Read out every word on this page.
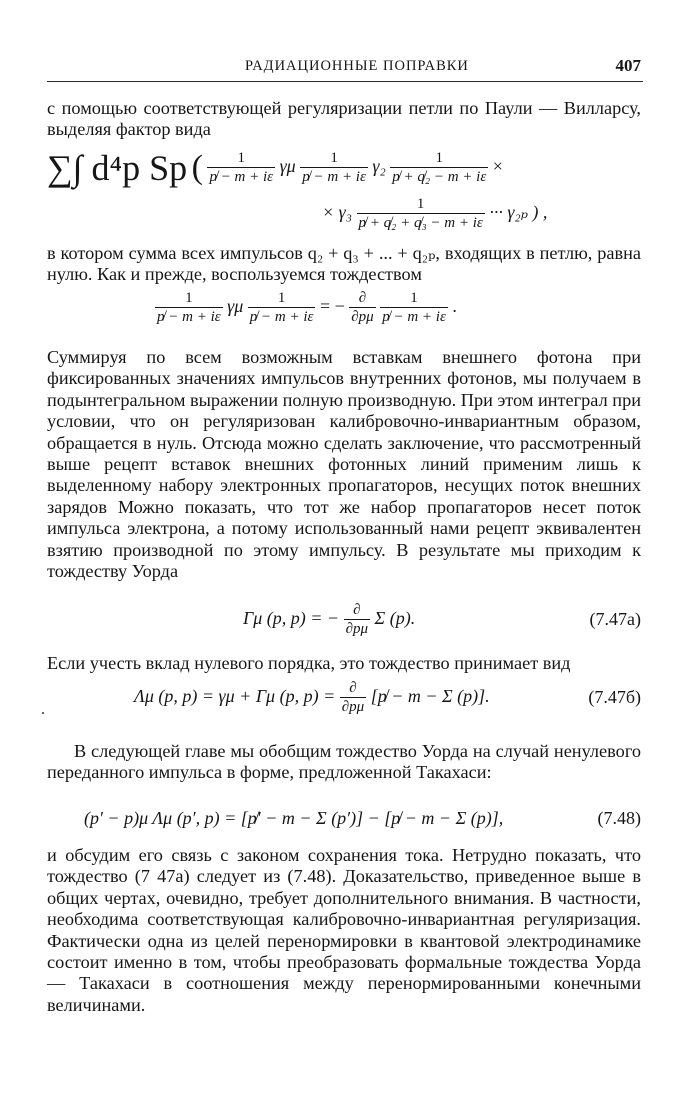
РАДИАЦИОННЫЕ ПОПРАВКИ	407

с помощью соответствующей регуляризации петли по Паули — Вилларсу, выделяя фактор вида

∑∫ d⁴p Sp ( $\frac{1}{p̸ - m + i\varepsilon}$ γμ $\frac{1}{p̸ - m + i\varepsilon} \gamma_2 \frac{1}{\text{p̸ + q̸₂ − m + iε}}$ ×
× $\gamma_3 \frac{1}{\text{p̸ + q̸₂ + q̸₃ − m + iε}}$ ··· γ₂ₚ ) ,

в котором сумма всех импульсов q₂ + q₃ + ... + q₂ₚ, входящих в петлю, равна нулю. Как и прежде, воспользуемся тождеством

$\frac{1}{p̸ - m + i\varepsilon}$ γμ $\frac{1}{p̸ - m + i\varepsilon}$ = − $\frac{\partial}{\partial p\mu}$
$\frac{1}{p̸ - m + i\varepsilon}$ .

Суммируя по всем возможным вставкам внешнего фотона при фиксированных значениях импульсов внутренних фотонов, мы получаем в подынтегральном выражении полную производную. При этом интеграл при условии, что он регуляризован калибровочно-инвариантным образом, обращается в нуль. Отсюда можно сделать заключение, что рассмотренный выше рецепт вставок внешних фотонных линий применим лишь к выделенному набору электронных пропагаторов, несущих поток внешних зарядов Можно показать, что тот же набор пропагаторов несет поток импульса электрона, а потому использованный нами рецепт эквивалентен взятию производной по этому импульсу. В результате мы приходим к тождеству Уорда

Γμ (p, p) = − $\frac{\partial}{\partial p\mu}$ Σ (p).	(7.47а)

Если учесть вклад нулевого порядка, это тождество принимает вид

Λμ (p, p) = γμ + Γμ (p, $p) = \frac{\partial}{\partial p\mu}$ [p̸ − m − Σ (p)].	(7.47б)

В следующей главе мы обобщим тождество Уорда на случай ненулевого переданного импульса в форме, предложенной Такахаси:

(p′ − p)μ Λμ (p′, p) = [p̸′ − m − Σ (p′)] − [p̸ − m − Σ (p)],	(7.48)

и обсудим его связь с законом сохранения тока. Нетрудно показать, что тождество (7 47а) следует из (7.48). Доказательство, приведенное выше в общих чертах, очевидно, требует дополнительного внимания. В частности, необходима соответствующая калибровочно-инвариантная регуляризация. Фактически одна из целей перенормировки в квантовой электродинамике состоит именно в том, чтобы преобразовать формальные тождества Уорда — Такахаси в соотношения между перенормированными конечными величинами.
